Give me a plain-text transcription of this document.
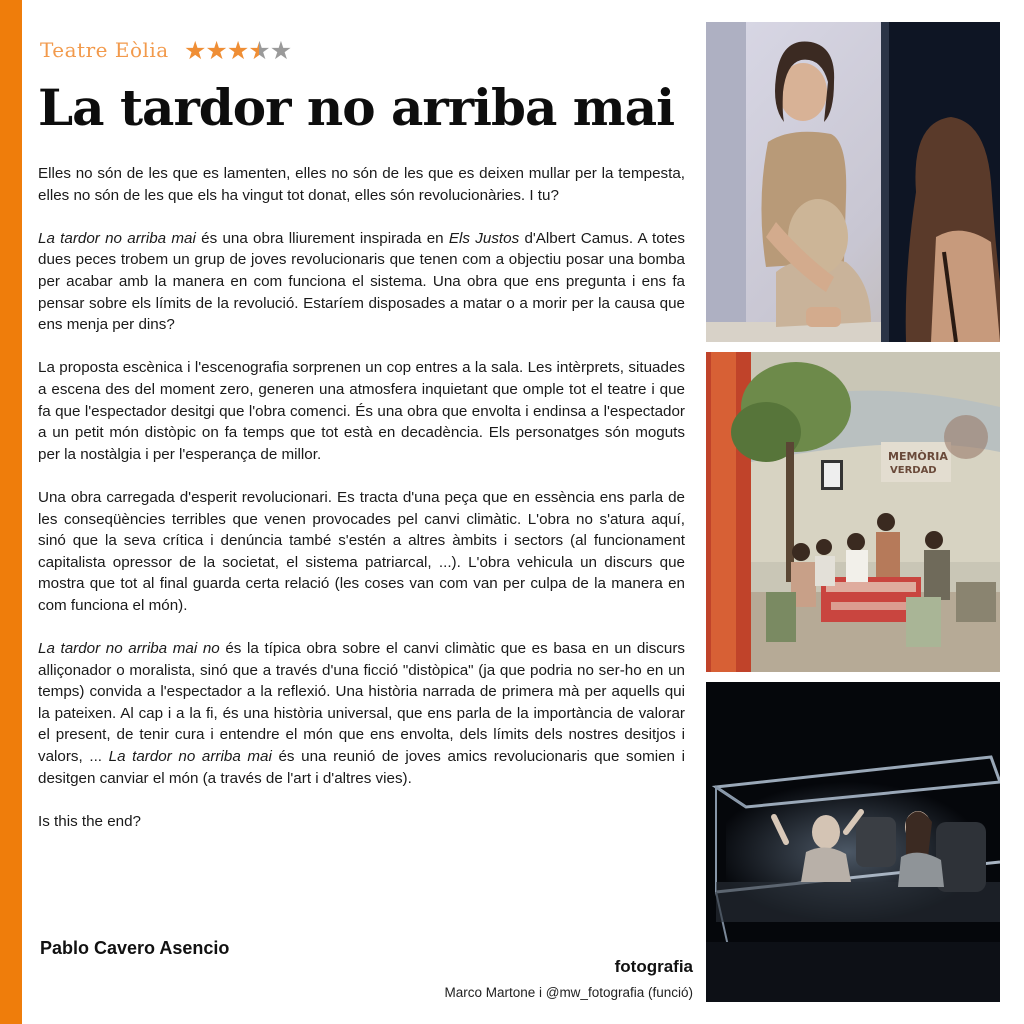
Teatre Eòlia ★★★★★
La tardor no arriba mai

Elles no són de les que es lamenten, elles no són de les que es deixen mullar per la tempesta, elles no són de les que els ha vingut tot donat, elles són revolucionàries. I tu?

La tardor no arriba mai és una obra lliurement inspirada en Els Justos d'Albert Camus. A totes dues peces trobem un grup de joves revolucionaris que tenen com a objectiu posar una bomba per acabar amb la manera en com funciona el sistema. Una obra que ens pregunta i ens fa pensar sobre els límits de la revolució. Estaríem disposades a matar o a morir per la causa que ens menja per dins?

La proposta escènica i l'escenografia sorprenen un cop entres a la sala. Les intèrprets, situades a escena des del moment zero, generen una atmosfera inquietant que omple tot el teatre i que fa que l'espectador desitgi que l'obra comenci. És una obra que envolta i endinsa a l'espectador a un petit món distòpic on fa temps que tot està en decadència. Els personatges són moguts per la nostàlgia i per l'esperança de millor.

Una obra carregada d'esperit revolucionari. Es tracta d'una peça que en essència ens parla de les conseqüències terribles que venen provocades pel canvi climàtic. L'obra no s'atura aquí, sinó que la seva crítica i denúncia també s'estén a altres àmbits i sectors (al funcionament capitalista opressor de la societat, el sistema patriarcal, ...). L'obra vehicula un discurs que mostra que tot al final guarda certa relació (les coses van com van per culpa de la manera en com funciona el món).

La tardor no arriba mai no és la típica obra sobre el canvi climàtic que es basa en un discurs alliçonador o moralista, sinó que a través d'una ficció "distòpica" (ja que podria no ser-ho en un temps) convida a l'espectador a la reflexió. Una història narrada de primera mà per aquells qui la pateixen. Al cap i a la fi, és una història universal, que ens parla de la importància de valorar el present, de tenir cura i entendre el món que ens envolta, dels límits dels nostres desitjos i valors, ... La tardor no arriba mai és una reunió de joves amics revolucionaris que somien i desitgen canviar el món (a través de l'art i d'altres vies).

Is this the end?

Pablo Cavero Asencio
fotografia
Marco Martone i @mw_fotografia (funció)
MEMÒRIA
VERDAD
